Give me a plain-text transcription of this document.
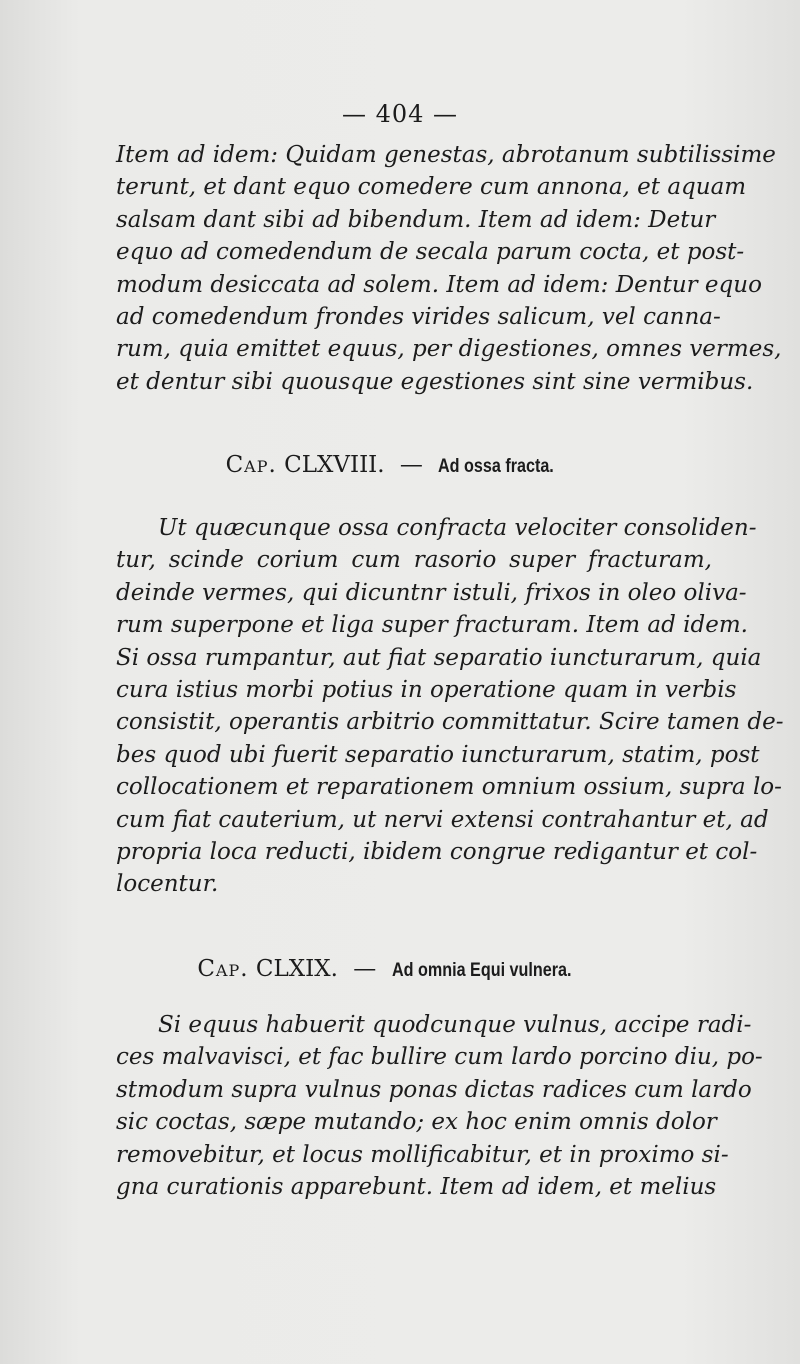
— 404 —
Item ad idem: Quidam genestas, abrotanum subtilissime
terunt, et dant equo comedere cum annona, et aquam
salsam dant sibi ad bibendum. Item ad idem: Detur
equo ad comedendum de secala parum cocta, et post-
modum desiccata ad solem. Item ad idem: Dentur equo
ad comedendum frondes virides salicum, vel canna-
rum, quia emittet equus, per digestiones, omnes vermes,
et dentur sibi quousque egestiones sint sine vermibus.
Cap. CLXVIII. — Ad ossa fracta.
Ut quæcunque ossa confracta velociter consoliden-
tur, scinde corium cum rasorio super fracturam,
deinde vermes, qui dicuntnr istuli, frixos in oleo oliva-
rum superpone et liga super fracturam. Item ad idem.
Si ossa rumpantur, aut fiat separatio iuncturarum, quia
cura istius morbi potius in operatione quam in verbis
consistit, operantis arbitrio committatur. Scire tamen de-
bes quod ubi fuerit separatio iuncturarum, statim, post
collocationem et reparationem omnium ossium, supra lo-
cum fiat cauterium, ut nervi extensi contrahantur et, ad
propria loca reducti, ibidem congrue redigantur et col-
locentur.
Cap. CLXIX. — Ad omnia Equi vulnera.
Si equus habuerit quodcunque vulnus, accipe radi-
ces malvavisci, et fac bullire cum lardo porcino diu, po-
stmodum supra vulnus ponas dictas radices cum lardo
sic coctas, sæpe mutando; ex hoc enim omnis dolor
removebitur, et locus mollificabitur, et in proximo si-
gna curationis apparebunt. Item ad idem, et melius
